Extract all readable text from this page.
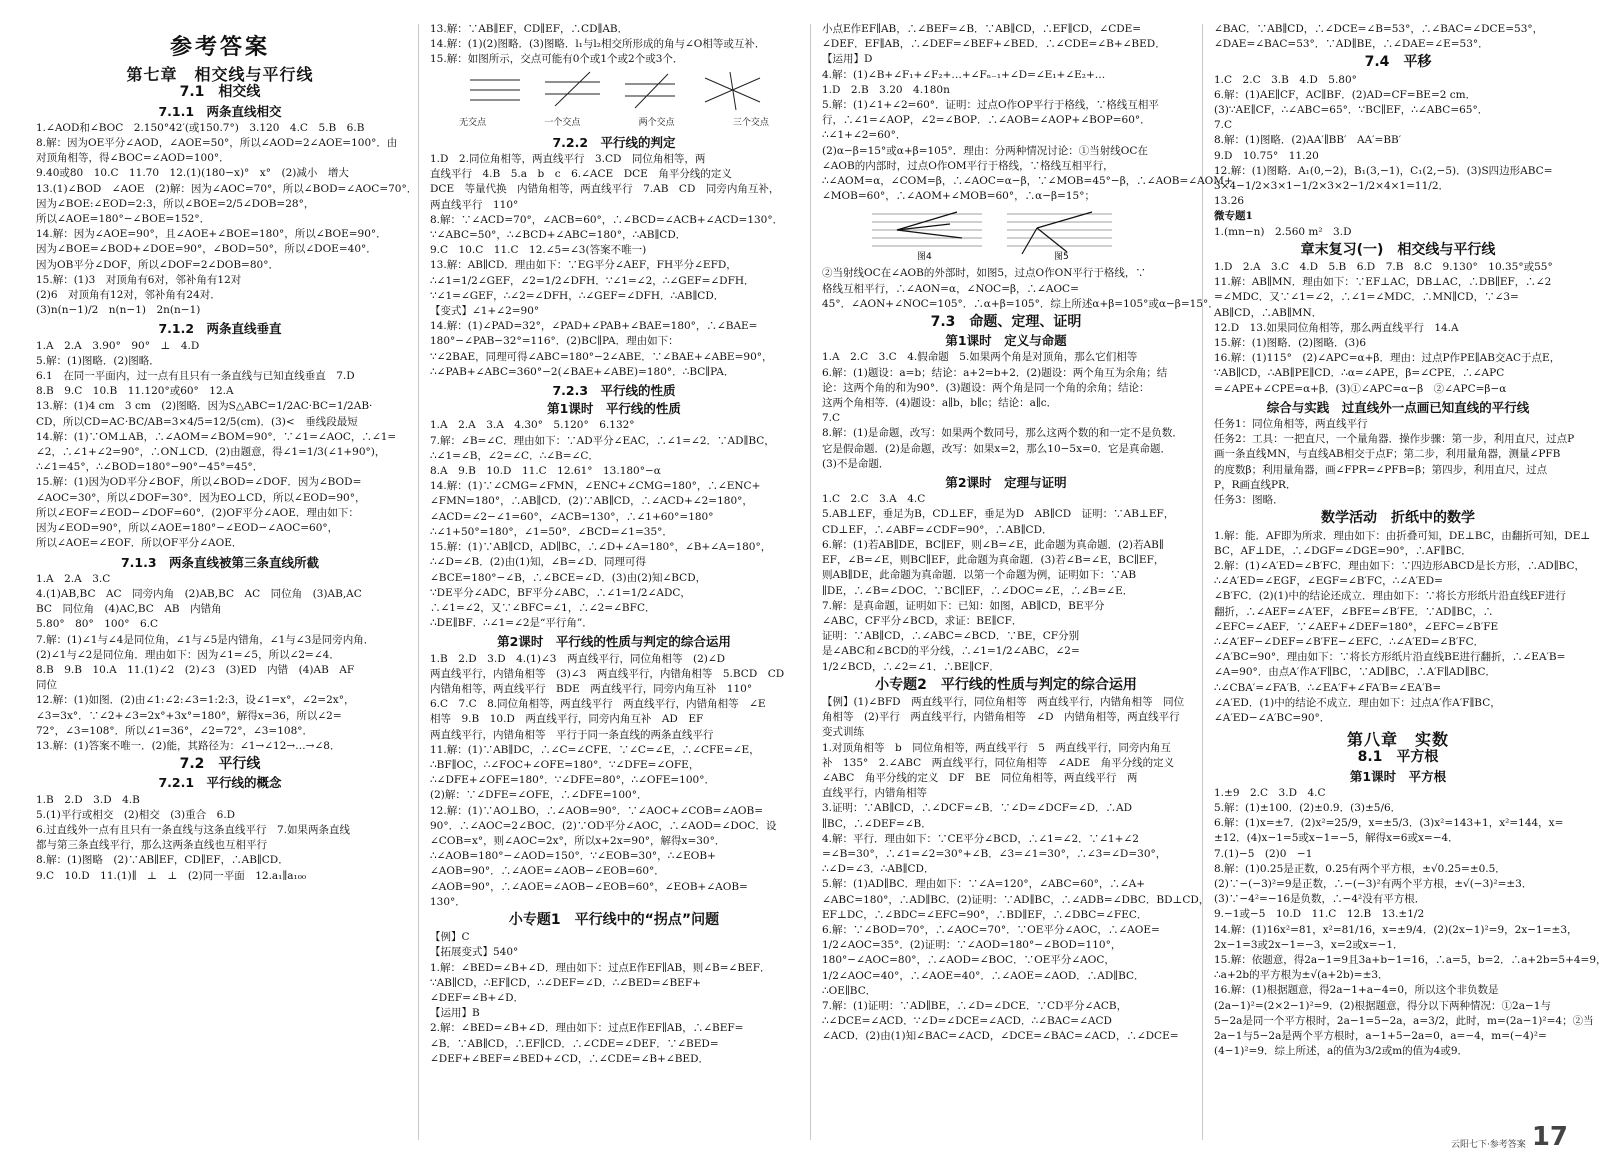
参考答案
第七章　相交线与平行线
7.1　相交线
7.1.1　两条直线相交
1.∠AOD和∠BOC　2.150°42′(或150.7°)　3.120　4.C　5.B　6.B
8.解：因为OE平分∠AOD，∠AOE=50°，所以∠AOD=2∠AOE=100°．由
对顶角相等，得∠BOC=∠AOD=100°．
9.40或80　10.C　11.70　12.(1)(180−x)°　x°　(2)减小　增大
13.(1)∠BOD　∠AOE　(2)解：因为∠AOC=70°，所以∠BOD=∠AOC=70°．
因为∠BOE:∠EOD=2:3，所以∠BOE=2/5∠DOB=28°，
所以∠AOE=180°−∠BOE=152°．
14.解：因为∠AOE=90°，且∠AOE+∠BOE=180°，所以∠BOE=90°．
因为∠BOE=∠BOD+∠DOE=90°，∠BOD=50°，所以∠DOE=40°．
因为OB平分∠DOF，所以∠DOF=2∠DOB=80°．
15.解：(1)3　对顶角有6对，邻补角有12对
(2)6　对顶角有12对，邻补角有24对．
(3)n(n−1)/2　n(n−1)　2n(n−1)
7.1.2　两条直线垂直
1.A　2.A　3.90°　90°　⊥　4.D
5.解：(1)图略．(2)图略．
6.1　在同一平面内，过一点有且只有一条直线与已知直线垂直　7.D
8.B　9.C　10.B　11.120°或60°　12.A
13.解：(1)4 cm　3 cm　(2)图略．因为S△ABC=1/2AC·BC=1/2AB·
CD，所以CD=AC·BC/AB=3×4/5=12/5(cm)．(3)<　垂线段最短
14.解：(1)∵OM⊥AB，∴∠AOM=∠BOM=90°．∵∠1=∠AOC，∴∠1=
∠2，∴∠1+∠2=90°，∴ON⊥CD．(2)由题意，得∠1=1/3(∠1+90°)，
∴∠1=45°，∴∠BOD=180°−90°−45°=45°．
15.解：(1)因为OD平分∠BOF，所以∠BOD=∠DOF．因为∠BOD=
∠AOC=30°，所以∠DOF=30°．因为EO⊥CD，所以∠EOD=90°，
所以∠EOF=∠EOD−∠DOF=60°．(2)OF平分∠AOE．理由如下：
因为∠EOD=90°，所以∠AOE=180°−∠EOD−∠AOC=60°，
所以∠AOE=∠EOF．所以OF平分∠AOE．
7.1.3　两条直线被第三条直线所截
1.A　2.A　3.C
4.(1)AB,BC　AC　同旁内角　(2)AB,BC　AC　同位角　(3)AB,AC
BC　同位角　(4)AC,BC　AB　内错角
5.80°　80°　100°　6.C
7.解：(1)∠1与∠4是同位角，∠1与∠5是内错角，∠1与∠3是同旁内角．
(2)∠1与∠2是同位角．理由如下：因为∠1=∠5，所以∠2=∠4．
8.B　9.B　10.A　11.(1)∠2　(2)∠3　(3)ED　内错　(4)AB　AF
同位
12.解：(1)如图．(2)由∠1:∠2:∠3=1:2:3，设∠1=x°，∠2=2x°，
∠3=3x°．∵∠2+∠3=2x°+3x°=180°，解得x=36，所以∠2=
72°，∠3=108°．所以∠1=36°，∠2=72°，∠3=108°．
13.解：(1)答案不唯一．(2)能，其路径为：∠1→∠12→…→∠8．
7.2　平行线
7.2.1　平行线的概念
1.B　2.D　3.D　4.B
5.(1)平行或相交　(2)相交　(3)重合　6.D
6.过直线外一点有且只有一条直线与这条直线平行　7.如果两条直线
都与第三条直线平行，那么这两条直线也互相平行
8.解：(1)图略　(2)∵AB∥EF，CD∥EF，∴AB∥CD．
9.C　10.D　11.(1)∥　⊥　⊥　(2)同一平面　12.a₁∥a₁₀₀
13.解：∵AB∥EF，CD∥EF，∴CD∥AB．
14.解：(1)(2)图略．(3)图略．l₁与l₂相交所形成的角与∠O相等或互补．
15.解：如图所示，交点可能有0个或1个或2个或3个．
无交点	一个交点	两个交点	三个交点
7.2.2　平行线的判定
1.D　2.同位角相等，两直线平行　3.CD　同位角相等，两
直线平行　4.B　5.a　b　c　6.∠ACE　DCE　角平分线的定义
DCE　等量代换　内错角相等，两直线平行　7.AB　CD　同旁内角互补，
两直线平行　110°
8.解：∵∠ACD=70°，∠ACB=60°，∴∠BCD=∠ACB+∠ACD=130°．
∵∠ABC=50°，∴∠BCD+∠ABC=180°，∴AB∥CD．
9.C　10.C　11.C　12.∠5=∠3(答案不唯一)
13.解：AB∥CD．理由如下：∵EG平分∠AEF，FH平分∠EFD，
∴∠1=1/2∠GEF，∠2=1/2∠DFH．∵∠1=∠2，∴∠GEF=∠DFH．
∵∠1=∠GEF，∴∠2=∠DFH，∴∠GEF=∠DFH．∴AB∥CD．
【变式】∠1+∠2=90°
14.解：(1)∠PAD=32°，∠PAD+∠PAB+∠BAE=180°，∴∠BAE=
180°−∠PAB−32°=116°．(2)BC∥PA．理由如下：
∵∠2BAE，同理可得∠ABC=180°−2∠ABE．∵∠BAE+∠ABE=90°，
∴∠PAB+∠ABC=360°−2(∠BAE+∠ABE)=180°．∴BC∥PA．
7.2.3　平行线的性质
第1课时　平行线的性质
1.A　2.A　3.A　4.30°　5.120°　6.132°
7.解：∠B=∠C．理由如下：∵AD平分∠EAC，∴∠1=∠2．∵AD∥BC，
∴∠1=∠B，∠2=∠C．∴∠B=∠C．
8.A　9.B　10.D　11.C　12.61°　13.180°−α
14.解：(1)∵∠CMG=∠FMN，∠ENC+∠CMG=180°，∴∠ENC+
∠FMN=180°，∴AB∥CD．(2)∵AB∥CD，∴∠ACD+∠2=180°，
∠ACD=∠2−∠1=60°，∠ACB=130°，∴∠1+60°=180°
∴∠1+50°=180°，∠1=50°．∠BCD=∠1=35°．
15.解：(1)∵AB∥CD，AD∥BC，∴∠D+∠A=180°，∠B+∠A=180°，
∴∠D=∠B．(2)由(1)知，∠B=∠D．同理可得
∠BCE=180°−∠B，∴∠BCE=∠D．(3)由(2)知∠BCD，
∵DE平分∠ADC，BF平分∠ABC，∴∠1=1/2∠ADC，
∴∠1=∠2，又∵∠BFC=∠1，∴∠2=∠BFC．
∴DE∥BF．∴∠1=∠2是“平行角”．
第2课时　平行线的性质与判定的综合运用
1.B　2.D　3.D　4.(1)∠3　两直线平行，同位角相等　(2)∠D
两直线平行，内错角相等　(3)∠3　两直线平行，内错角相等　5.BCD　CD
内错角相等，两直线平行　BDE　两直线平行，同旁内角互补　110°
6.C　7.C　8.同位角相等，两直线平行　两直线平行，内错角相等　∠E
相等　9.B　10.D　两直线平行，同旁内角互补　AD　EF
两直线平行，内错角相等　平行于同一条直线的两条直线平行
11.解：(1)∵AB∥DC，∴∠C=∠CFE．∵∠C=∠E，∴∠CFE=∠E，
∴BF∥OC，∴∠FOC+∠OFE=180°．∵∠DFE=∠OFE，
∴∠DFE+∠OFE=180°．∵∠DFE=80°，∴∠OFE=100°．
(2)解：∵∠DFE=∠OFE，∴∠DFE=100°．
12.解：(1)∵AO⊥BO，∴∠AOB=90°．∵∠AOC+∠COB=∠AOB=
90°．∴∠AOC=2∠BOC．(2)∵OD平分∠AOC，∴∠AOD=∠DOC．设
∠COB=x°，则∠AOC=2x°，所以x+2x=90°，解得x=30°．
∴∠AOB=180°−∠AOD=150°．∵∠EOB=30°，∴∠EOB+
∠AOB=90°．∴∠AOE=∠AOB−∠EOB=60°．
∠AOB=90°，∴∠AOE=∠AOB−∠EOB=60°，∠EOB+∠AOB=
130°．
小专题1　平行线中的“拐点”问题
【例】C
【拓展变式】540°
1.解：∠BED=∠B+∠D．理由如下：过点E作EF∥AB，则∠B=∠BEF．
∵AB∥CD，∴EF∥CD，∴∠DEF=∠D．∴∠BED=∠BEF+
∠DEF=∠B+∠D．
【运用】B
2.解：∠BED=∠B+∠D．理由如下：过点E作EF∥AB，∴∠BEF=
∠B．∵AB∥CD，∴EF∥CD．∴∠CDE=∠DEF．∵∠BED=
∠DEF+∠BEF=∠BED+∠CD，∴∠CDE=∠B+∠BED．
小点E作EF∥AB，∴∠BEF=∠B．∵AB∥CD，∴EF∥CD，∠CDE=
∠DEF．EF∥AB，∴∠DEF=∠BEF+∠BED．∴∠CDE=∠B+∠BED．
【运用】D
4.解：(1)∠B+∠F₁+∠F₂+…+∠Fₙ₋₁+∠D=∠E₁+∠E₂+…
1.D　2.B　3.20　4.180n
5.解：(1)∠1+∠2=60°．证明：过点O作OP平行于格线，∵格线互相平
行，∴∠1=∠AOP，∠2=∠BOP．∴∠AOB=∠AOP+∠BOP=60°．
∴∠1+∠2=60°．
(2)α−β=15°或α+β=105°．理由：分两种情况讨论：①当射线OC在
∠AOB的内部时，过点O作OM平行于格线，∵格线互相平行，
∴∠AOM=α，∠COM=β，∴∠AOC=α−β，∵∠MOB=45°−β，∴∠AOB=∠AOM+
∠MOB=60°，∴∠AOM+∠MOB=60°，∴α−β=15°；
图4	图5
②当射线OC在∠AOB的外部时，如图5，过点O作ON平行于格线，∵
格线互相平行，∴∠AON=α，∠NOC=β，∴∠AOC=
45°．∠AON+∠NOC=105°．∴α+β=105°．综上所述α+β=105°或α−β=15°．
7.3　命题、定理、证明
第1课时　定义与命题
1.A　2.C　3.C　4.假命题　5.如果两个角是对顶角，那么它们相等
6.解：(1)题设：a=b；结论：a+2=b+2．(2)题设：两个角互为余角；结
论：这两个角的和为90°．(3)题设：两个角是同一个角的余角；结论：
这两个角相等．(4)题设：a∥b，b∥c；结论：a∥c．
7.C
8.解：(1)是命题，改写：如果两个数同号，那么这两个数的和一定不是负数．
它是假命题．(2)是命题，改写：如果x=2，那么10−5x=0．它是真命题．
(3)不是命题．
第2课时　定理与证明
1.C　2.C　3.A　4.C
5.AB⊥EF，垂足为B，CD⊥EF，垂足为D　AB∥CD　证明：∵AB⊥EF，
CD⊥EF，∴∠ABF=∠CDF=90°，∴AB∥CD．
6.解：(1)若AB∥DE，BC∥EF，则∠B=∠E，此命题为真命题．(2)若AB∥
EF，∠B=∠E，则BC∥EF，此命题为真命题．(3)若∠B=∠E，BC∥EF，
则AB∥DE，此命题为真命题．以第一个命题为例，证明如下：∵AB
∥DE，∴∠B=∠DOC．∵BC∥EF，∴∠DOC=∠E，∴∠B=∠E．
7.解：是真命题，证明如下：已知：如图，AB∥CD，BE平分
∠ABC，CF平分∠BCD，求证：BE∥CF．
证明：∵AB∥CD，∴∠ABC=∠BCD．∵BE，CF分别
是∠ABC和∠BCD的平分线，∴∠1=1/2∠ABC，∠2=
1/2∠BCD，∴∠2=∠1．∴BE∥CF．
小专题2　平行线的性质与判定的综合运用
【例】(1)∠BFD　两直线平行，同位角相等　两直线平行，内错角相等　同位
角相等　(2)平行　两直线平行，内错角相等　∠D　内错角相等，两直线平行
变式训练
1.对顶角相等　b　同位角相等，两直线平行　5　两直线平行，同旁内角互
补　135°　2.∠ABC　两直线平行，同位角相等　∠ADE　角平分线的定义
∠ABC　角平分线的定义　DF　BE　同位角相等，两直线平行　两
直线平行，内错角相等
3.证明：∵AB∥CD，∴∠DCF=∠B．∵∠D=∠DCF=∠D．∴AD
∥BC，∴∠DEF=∠B．
4.解：平行．理由如下：∵CE平分∠BCD，∴∠1=∠2．∵∠1+∠2
=∠B=30°，∴∠1=∠2=30°+∠B．∠3=∠1=30°，∴∠3=∠D=30°，
∴∠D=∠3．∴AB∥CD．
5.解：(1)AD∥BC．理由如下：∵∠A=120°，∠ABC=60°，∴∠A+
∠ABC=180°，∴AD∥BC．(2)证明：∵AD∥BC，∴∠ADB=∠DBC．BD⊥CD，
EF⊥DC，∴∠BDC=∠EFC=90°，∴BD∥EF，∴∠DBC=∠FEC．
6.解：∵∠BOD=70°，∴∠AOC=70°．∵OE平分∠AOC，∴∠AOE=
1/2∠AOC=35°．(2)证明：∵∠AOD=180°−∠BOD=110°，
180°−∠AOC=80°，∴∠AOD=∠BOC．∵OE平分∠AOC，
1/2∠AOC=40°，∴∠AOE=40°．∴∠AOE=∠AOD．∴AD∥BC．
∴OE∥BC．
7.解：(1)证明：∵AD∥BE，∴∠D=∠DCE．∵CD平分∠ACB，
∴∠DCE=∠ACD．∵∠D=∠DCE=∠ACD．∴∠BAC=∠ACD
∠ACD．(2)由(1)知∠BAC=∠ACD，∠DCE=∠BAC=∠ACD，∴∠DCE=
∠BAC．∵AB∥CD，∴∠DCE=∠B=53°，∴∠BAC=∠DCE=53°，
∠DAE=∠BAC=53°．∵AD∥BE，∴∠DAE=∠E=53°．
7.4　平移
1.C　2.C　3.B　4.D　5.80°
6.解：(1)AE∥CF，AC∥BF．(2)AD=CF=BE=2 cm．
(3)∵AE∥CF，∴∠ABC=65°．∵BC∥EF，∴∠ABC=65°．
7.C
8.解：(1)图略．(2)AA′∥BB′　AA′=BB′
9.D　10.75°　11.20
12.解：(1)图略．A₁(0,−2)，B₁(3,−1)，C₁(2,−5)．(3)S四边形ABC=
3×4−1/2×3×1−1/2×3×2−1/2×4×1=11/2．
13.26
微专题1
1.(mn−n)　2.560 m²　3.D
章末复习(一)　相交线与平行线
1.D　2.A　3.C　4.D　5.B　6.D　7.B　8.C　9.130°　10.35°或55°
11.解：AB∥MN．理由如下：∵EF⊥AC，DB⊥AC，∴DB∥EF，∴∠2
=∠MDC．又∵∠1=∠2，∴∠1=∠MDC．∴MN∥CD，∵∠3=
AB∥CD，∴AB∥MN．
12.D　13.如果同位角相等，那么两直线平行　14.A
15.解：(1)图略．(2)图略．(3)6
16.解：(1)115°　(2)∠APC=α+β．理由：过点P作PE∥AB交AC于点E，
∵AB∥CD，∴AB∥PE∥CD．∴α=∠APE，β=∠CPE．∴∠APC
=∠APE+∠CPE=α+β．(3)①∠APC=α−β　②∠APC=β−α
综合与实践　过直线外一点画已知直线的平行线
任务1：同位角相等，两直线平行
任务2：工具：一把直尺，一个量角器．操作步骤：第一步，利用直尺，过点P
画一条直线MN，与直线AB相交于点F；第二步，利用量角器，测量∠PFB
的度数β；利用量角器，画∠FPR=∠PFB=β；第四步，利用直尺，过点
P，R画直线PR．
任务3：图略．
数学活动　折纸中的数学
1.解：能．AF即为所求．理由如下：由折叠可知，DE⊥BC，由翻折可知，DE⊥
BC，AF⊥DE，∴∠DGF=∠DGE=90°，∴AF∥BC．
2.解：(1)∠A′ED=∠B′FC．理由如下：∵四边形ABCD是长方形，∴AD∥BC，
∴∠A′ED=∠EGF，∠EGF=∠B′FC，∴∠A′ED=
∠B′FC．(2)(1)中的结论还成立．理由如下：∵将长方形纸片沿直线EF进行
翻折，∴∠AEF=∠A′EF，∠BFE=∠B′FE．∵AD∥BC，∴
∠EFC=∠AEF．∵∠AEF+∠DEF=180°，∠EFC=∠B′FE
∴∠A′EF−∠DEF=∠B′FE−∠EFC．∴∠A′ED=∠B′FC．
∠A′BC=90°．理由如下：∵将长方形纸片沿直线BE进行翻折，∴∠EA′B=
∠A=90°．由点A′作A′F∥BC，∵AD∥BC，∴A′F∥AD∥BC．
∴∠CBA′=∠FA′B．∴∠EA′F+∠FA′B=∠EA′B=
∠A′ED．(1)中的结论不成立．理由如下：过点A′作A′F∥BC，
∠A′ED−∠A′BC=90°．
第八章　实数
8.1　平方根
第1课时　平方根
1.±9　2.C　3.D　4.C
5.解：(1)±100．(2)±0.9．(3)±5/6．
6.解：(1)x=±7．(2)x²=25/9，x=±5/3．(3)x²=143+1，x²=144，x=
±12．(4)x−1=5或x−1=−5，解得x=6或x=−4．
7.(1)−5　(2)0　−1
8.解：(1)0.25是正数，0.25有两个平方根，±√0.25=±0.5．
(2)∵−(−3)²=9是正数，∴−(−3)²有两个平方根，±√(−3)²=±3．
(3)∵−4²=−16是负数，∴−4²没有平方根．
9.−1或−5　10.D　11.C　12.B　13.±1/2
14.解：(1)16x²=81，x²=81/16，x=±9/4．(2)(2x−1)²=9，2x−1=±3，
2x−1=3或2x−1=−3，x=2或x=−1．
15.解：依题意，得2a−1=9且3a+b−1=16，∴a=5，b=2．∴a+2b=5+4=9，
∴a+2b的平方根为±√(a+2b)=±3．
16.解：(1)根据题意，得2a−1+a−4=0，所以这个非负数是
(2a−1)²=(2×2−1)²=9．(2)根据题意，得分以下两种情况：①2a−1与
5−2a是同一个平方根时，2a−1=5−2a，a=3/2，此时，m=(2a−1)²=4；②当
2a−1与5−2a是两个平方根时，a−1+5−2a=0，a=−4，m=(−4)²=
(4−1)²=9．综上所述，a的值为3/2或m的值为4或9．
云阳七下·参考答案 17
